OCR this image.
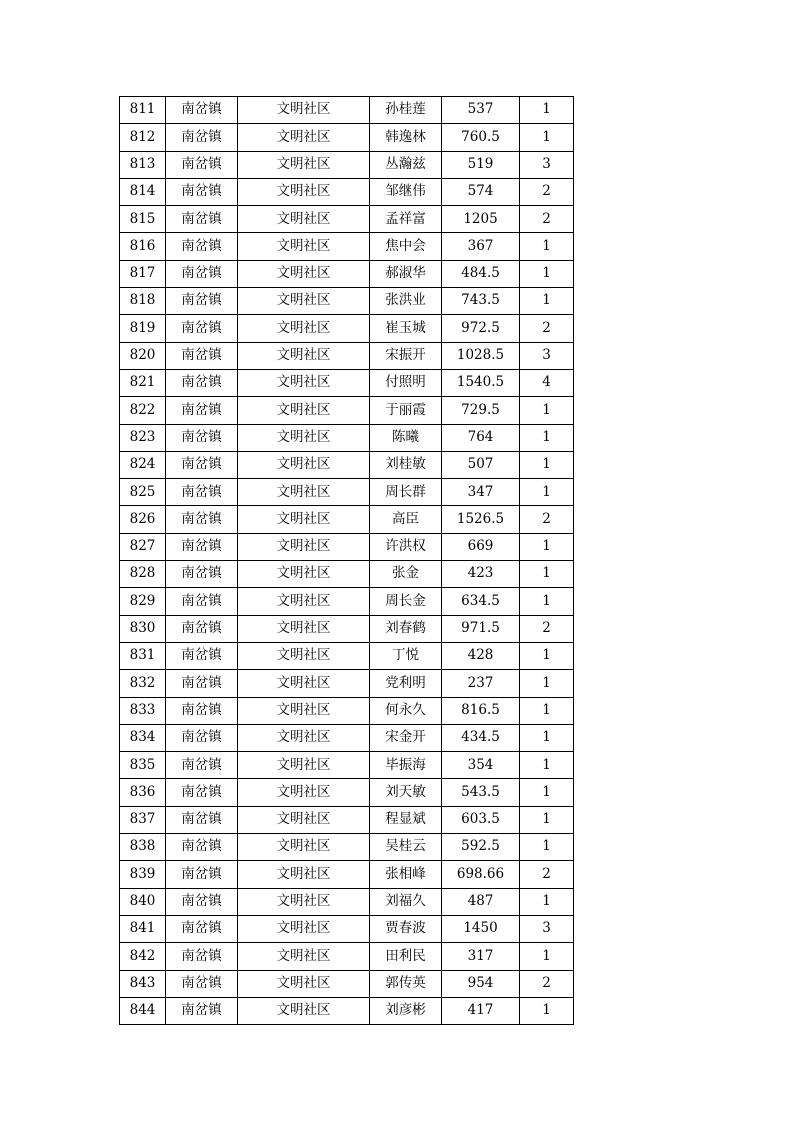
811	南岔镇	文明社区	孙桂莲	537	1
812	南岔镇	文明社区	韩逸林	760.5	1
813	南岔镇	文明社区	丛瀚兹	519	3
814	南岔镇	文明社区	邹继伟	574	2
815	南岔镇	文明社区	孟祥富	1205	2
816	南岔镇	文明社区	焦中会	367	1
817	南岔镇	文明社区	郝淑华	484.5	1
818	南岔镇	文明社区	张洪业	743.5	1
819	南岔镇	文明社区	崔玉城	972.5	2
820	南岔镇	文明社区	宋振开	1028.5	3
821	南岔镇	文明社区	付照明	1540.5	4
822	南岔镇	文明社区	于丽霞	729.5	1
823	南岔镇	文明社区	陈曦	764	1
824	南岔镇	文明社区	刘桂敏	507	1
825	南岔镇	文明社区	周长群	347	1
826	南岔镇	文明社区	高臣	1526.5	2
827	南岔镇	文明社区	许洪权	669	1
828	南岔镇	文明社区	张金	423	1
829	南岔镇	文明社区	周长金	634.5	1
830	南岔镇	文明社区	刘春鹤	971.5	2
831	南岔镇	文明社区	丁悦	428	1
832	南岔镇	文明社区	党利明	237	1
833	南岔镇	文明社区	何永久	816.5	1
834	南岔镇	文明社区	宋金开	434.5	1
835	南岔镇	文明社区	毕振海	354	1
836	南岔镇	文明社区	刘天敏	543.5	1
837	南岔镇	文明社区	程显斌	603.5	1
838	南岔镇	文明社区	吴桂云	592.5	1
839	南岔镇	文明社区	张相峰	698.66	2
840	南岔镇	文明社区	刘福久	487	1
841	南岔镇	文明社区	贾春波	1450	3
842	南岔镇	文明社区	田利民	317	1
843	南岔镇	文明社区	郭传英	954	2
844	南岔镇	文明社区	刘彦彬	417	1
